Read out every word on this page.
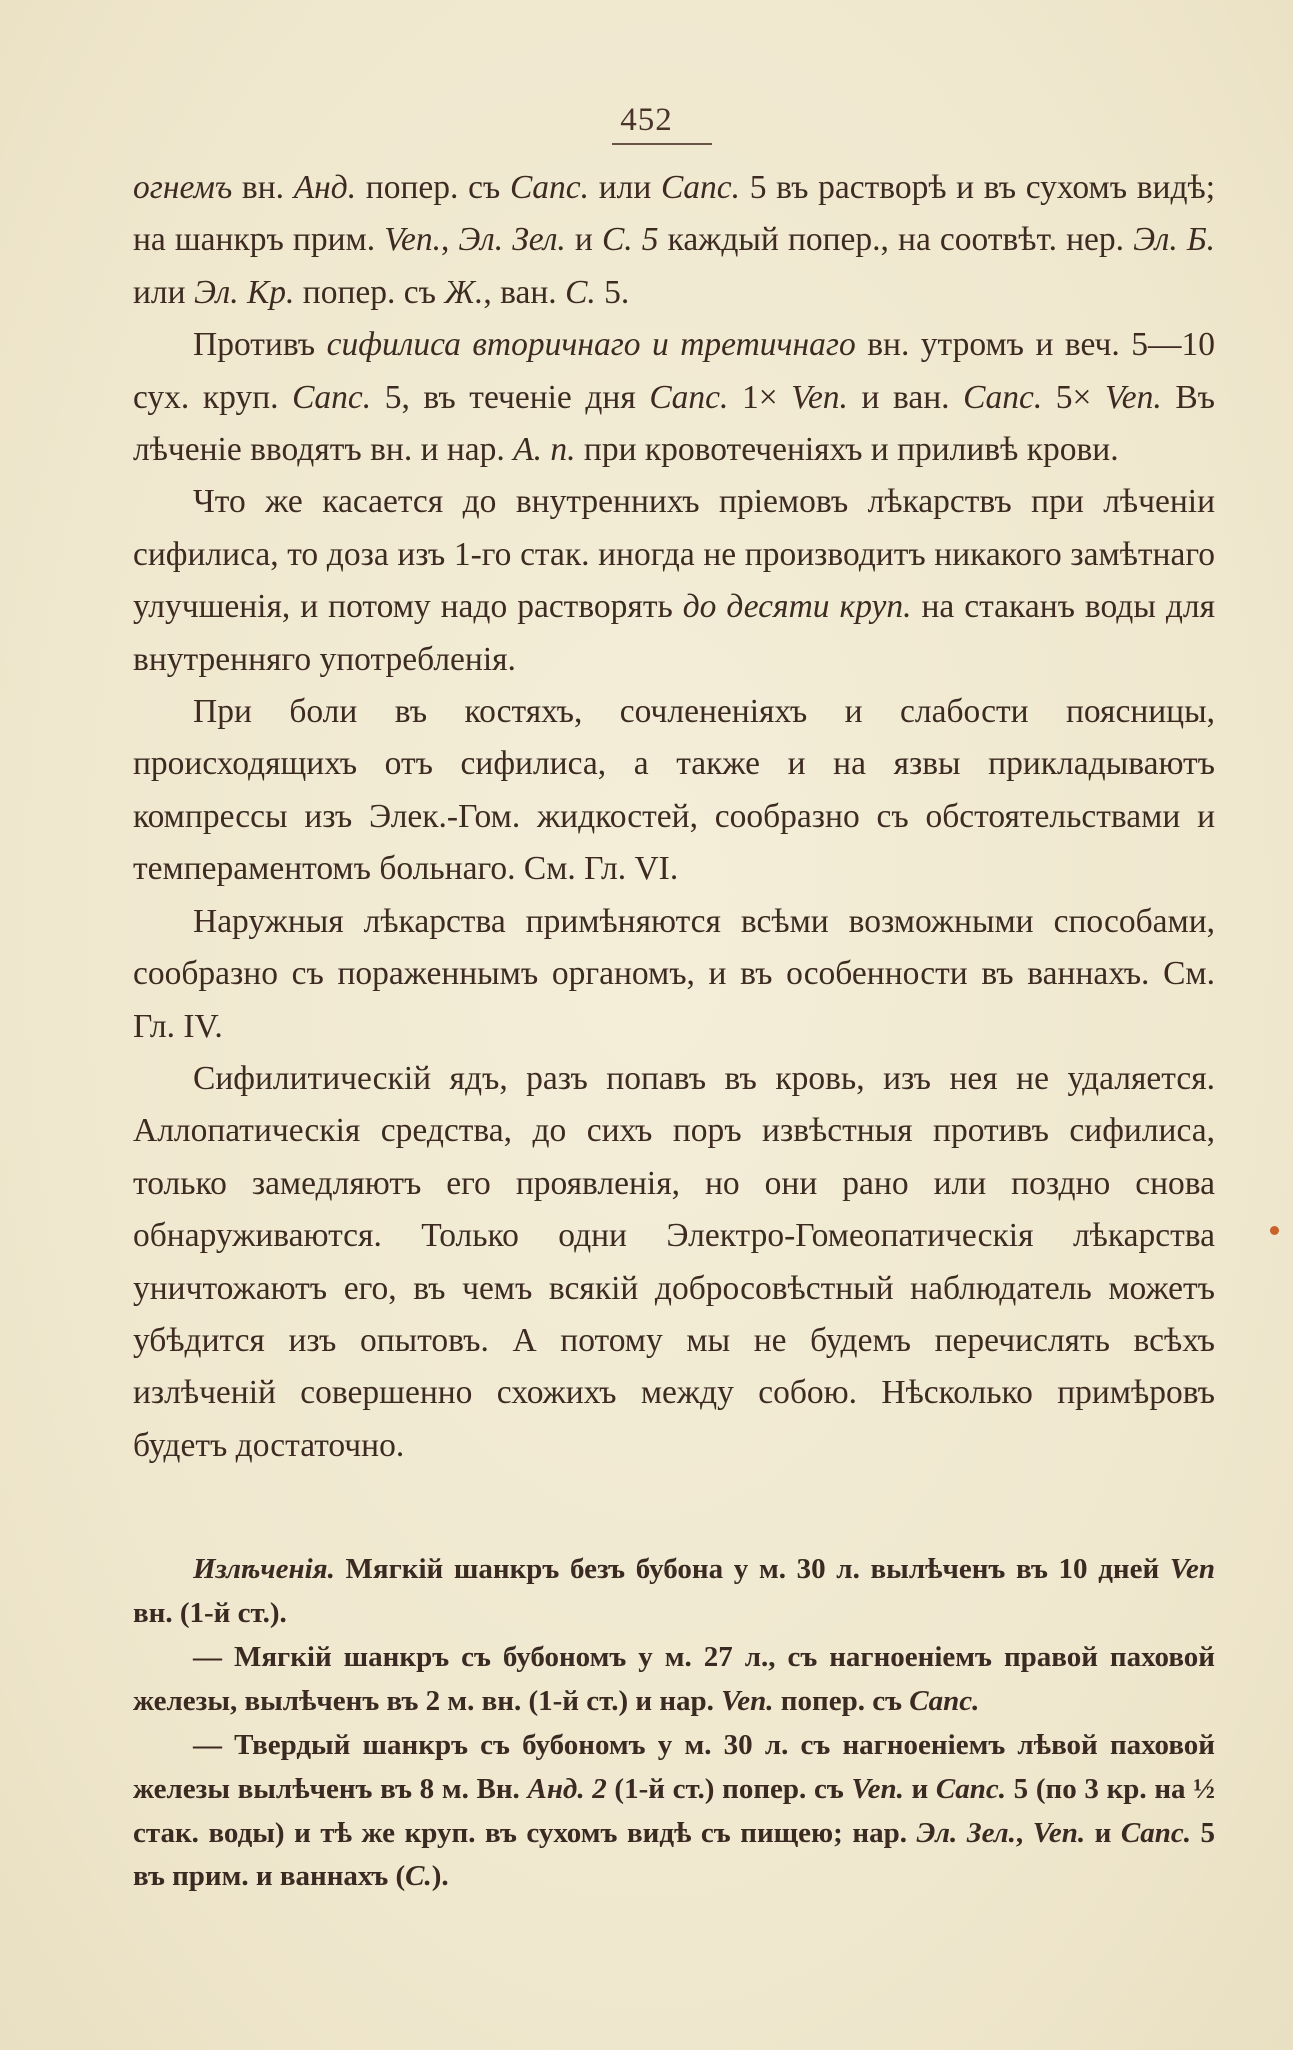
452

огнемъ вн. Анд. попер. съ Canc. или Canc. 5 въ растворѣ и въ сухомъ видѣ; на шанкръ прим. Ven., Эл. Зел. и С. 5 каждый попер., на соотвѣт. нер. Эл. Б. или Эл. Кр. попер. съ Ж., ван. С. 5.

Противъ сифилиса вторичнаго и третичнаго вн. утромъ и веч. 5—10 сух. круп. Canc. 5, въ теченіе дня Canc. 1× Ven. и ван. Canc. 5× Ven. Въ лѣченіе вводятъ вн. и нар. А. п. при кровотеченіяхъ и приливѣ крови.

Что же касается до внутреннихъ пріемовъ лѣкарствъ при лѣченіи сифилиса, то доза изъ 1-го стак. иногда не производитъ никакого замѣтнаго улучшенія, и потому надо растворять до десяти круп. на стаканъ воды для внутренняго употребленія.

При боли въ костяхъ, сочлененіяхъ и слабости поясницы, происходящихъ отъ сифилиса, а также и на язвы прикладываютъ компрессы изъ Элек.-Гом. жидкостей, сообразно съ обстоятельствами и темпераментомъ больнаго. См. Гл. VI.

Наружныя лѣкарства примѣняются всѣми возможными способами, сообразно съ пораженнымъ органомъ, и въ особенности въ ваннахъ. См. Гл. IV.

Сифилитическій ядъ, разъ попавъ въ кровь, изъ нея не удаляется. Аллопатическія средства, до сихъ поръ извѣстныя противъ сифилиса, только замедляютъ его проявленія, но они рано или поздно снова обнаруживаются. Только одни Электро-Гомеопатическія лѣкарства уничтожаютъ его, въ чемъ всякій добросовѣстный наблюдатель можетъ убѣдится изъ опытовъ. А потому мы не будемъ перечислять всѣхъ излѣченій совершенно схожихъ между собою. Нѣсколько примѣровъ будетъ достаточно.

Излѣченія. Мягкій шанкръ безъ бубона у м. 30 л. вылѣченъ въ 10 дней Ven вн. (1-й ст.).

— Мягкій шанкръ съ бубономъ у м. 27 л., съ нагноеніемъ правой паховой железы, вылѣченъ въ 2 м. вн. (1-й ст.) и нар. Ven. попер. съ Canc.

— Твердый шанкръ съ бубономъ у м. 30 л. съ нагноеніемъ лѣвой паховой железы вылѣченъ въ 8 м. Вн. Анд. 2 (1-й ст.) попер. съ Ven. и Canc. 5 (по 3 кр. на ½ стак. воды) и тѣ же круп. въ сухомъ видѣ съ пищею; нар. Эл. Зел., Ven. и Canc. 5 въ прим. и ваннахъ (С.).
